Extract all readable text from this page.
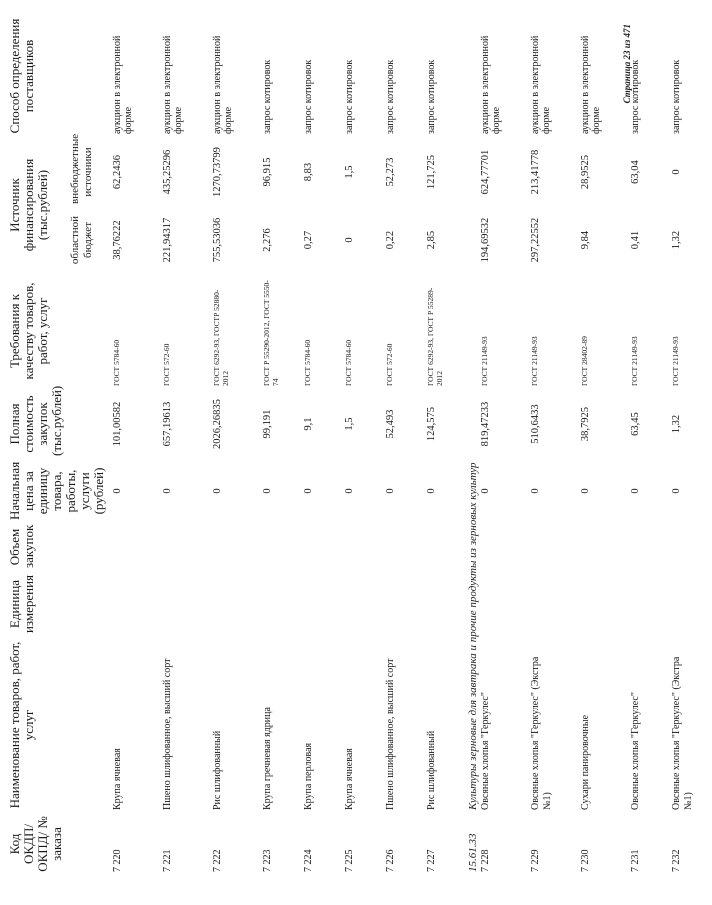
Код ОКДП/ ОКПД/ № заказа	Наименование товаров, работ, услуг	Единица измерения	Объем закупок	Начальная цена за единицу товара, работы, услуги (рублей)	Полная стоимость закупок (тыс.рублей)	Требования к качеству товаров, работ, услуг	Источник финансирования (тыс.рублей)		Способ определения поставщиков
							областной бюджет	внебюджетные источники	

7 220	Крупа ячневая			0	101,00582	ГОСТ 5784-60	38,76222	62,2436	аукцион в электронной форме
7 221	Пшено шлифованное, высший сорт			0	657,19613	ГОСТ 572-60	221,94317	435,25296	аукцион в электронной форме
7 222	Рис шлифованный			0	2026,26835	ГОСТ 6292-93, ГОСТР 52880-2012	755,53036	1270,73799	аукцион в электронной форме
7 223	Крупа гречневая ядрица			0	99,191	ГОСТ Р 55290-2012, ГОСТ 5550-74	2,276	96,915	запрос котировок
7 224	Крупа перловая			0	9,1	ГОСТ 5784-60	0,27	8,83	запрос котировок
7 225	Крупа ячневая			0	1,5	ГОСТ 5784-60	0	1,5	запрос котировок
7 226	Пшено шлифованное, высший сорт			0	52,493	ГОСТ 572-60	0,22	52,273	запрос котировок
7 227	Рис шлифованный			0	124,575	ГОСТ 6292-93, ГОСТ Р 55289-2012	2,85	121,725	запрос котировок
15.61.33	Культуры зерновые для завтрака и прочие продукты из зерновых культур								
7 228	Овсяные хлопья "Геркулес"			0	819,47233	ГОСТ 21149-93	194,69532	624,77701	аукцион в электронной форме
7 229	Овсяные хлопья "Геркулес" (Экстра №1)			0	510,6433	ГОСТ 21149-93	297,22552	213,41778	аукцион в электронной форме
7 230	Сухари панировочные			0	38,7925	ГОСТ 28402-89	9,84	28,9525	аукцион в электронной форме
7 231	Овсяные хлопья "Геркулес"			0	63,45	ГОСТ 21149-93	0,41	63,04	запрос котировок
7 232	Овсяные хлопья "Геркулес" (Экстра №1)			0	1,32	ГОСТ 21149-93	1,32	0	запрос котировок
Страница 23 из 471
